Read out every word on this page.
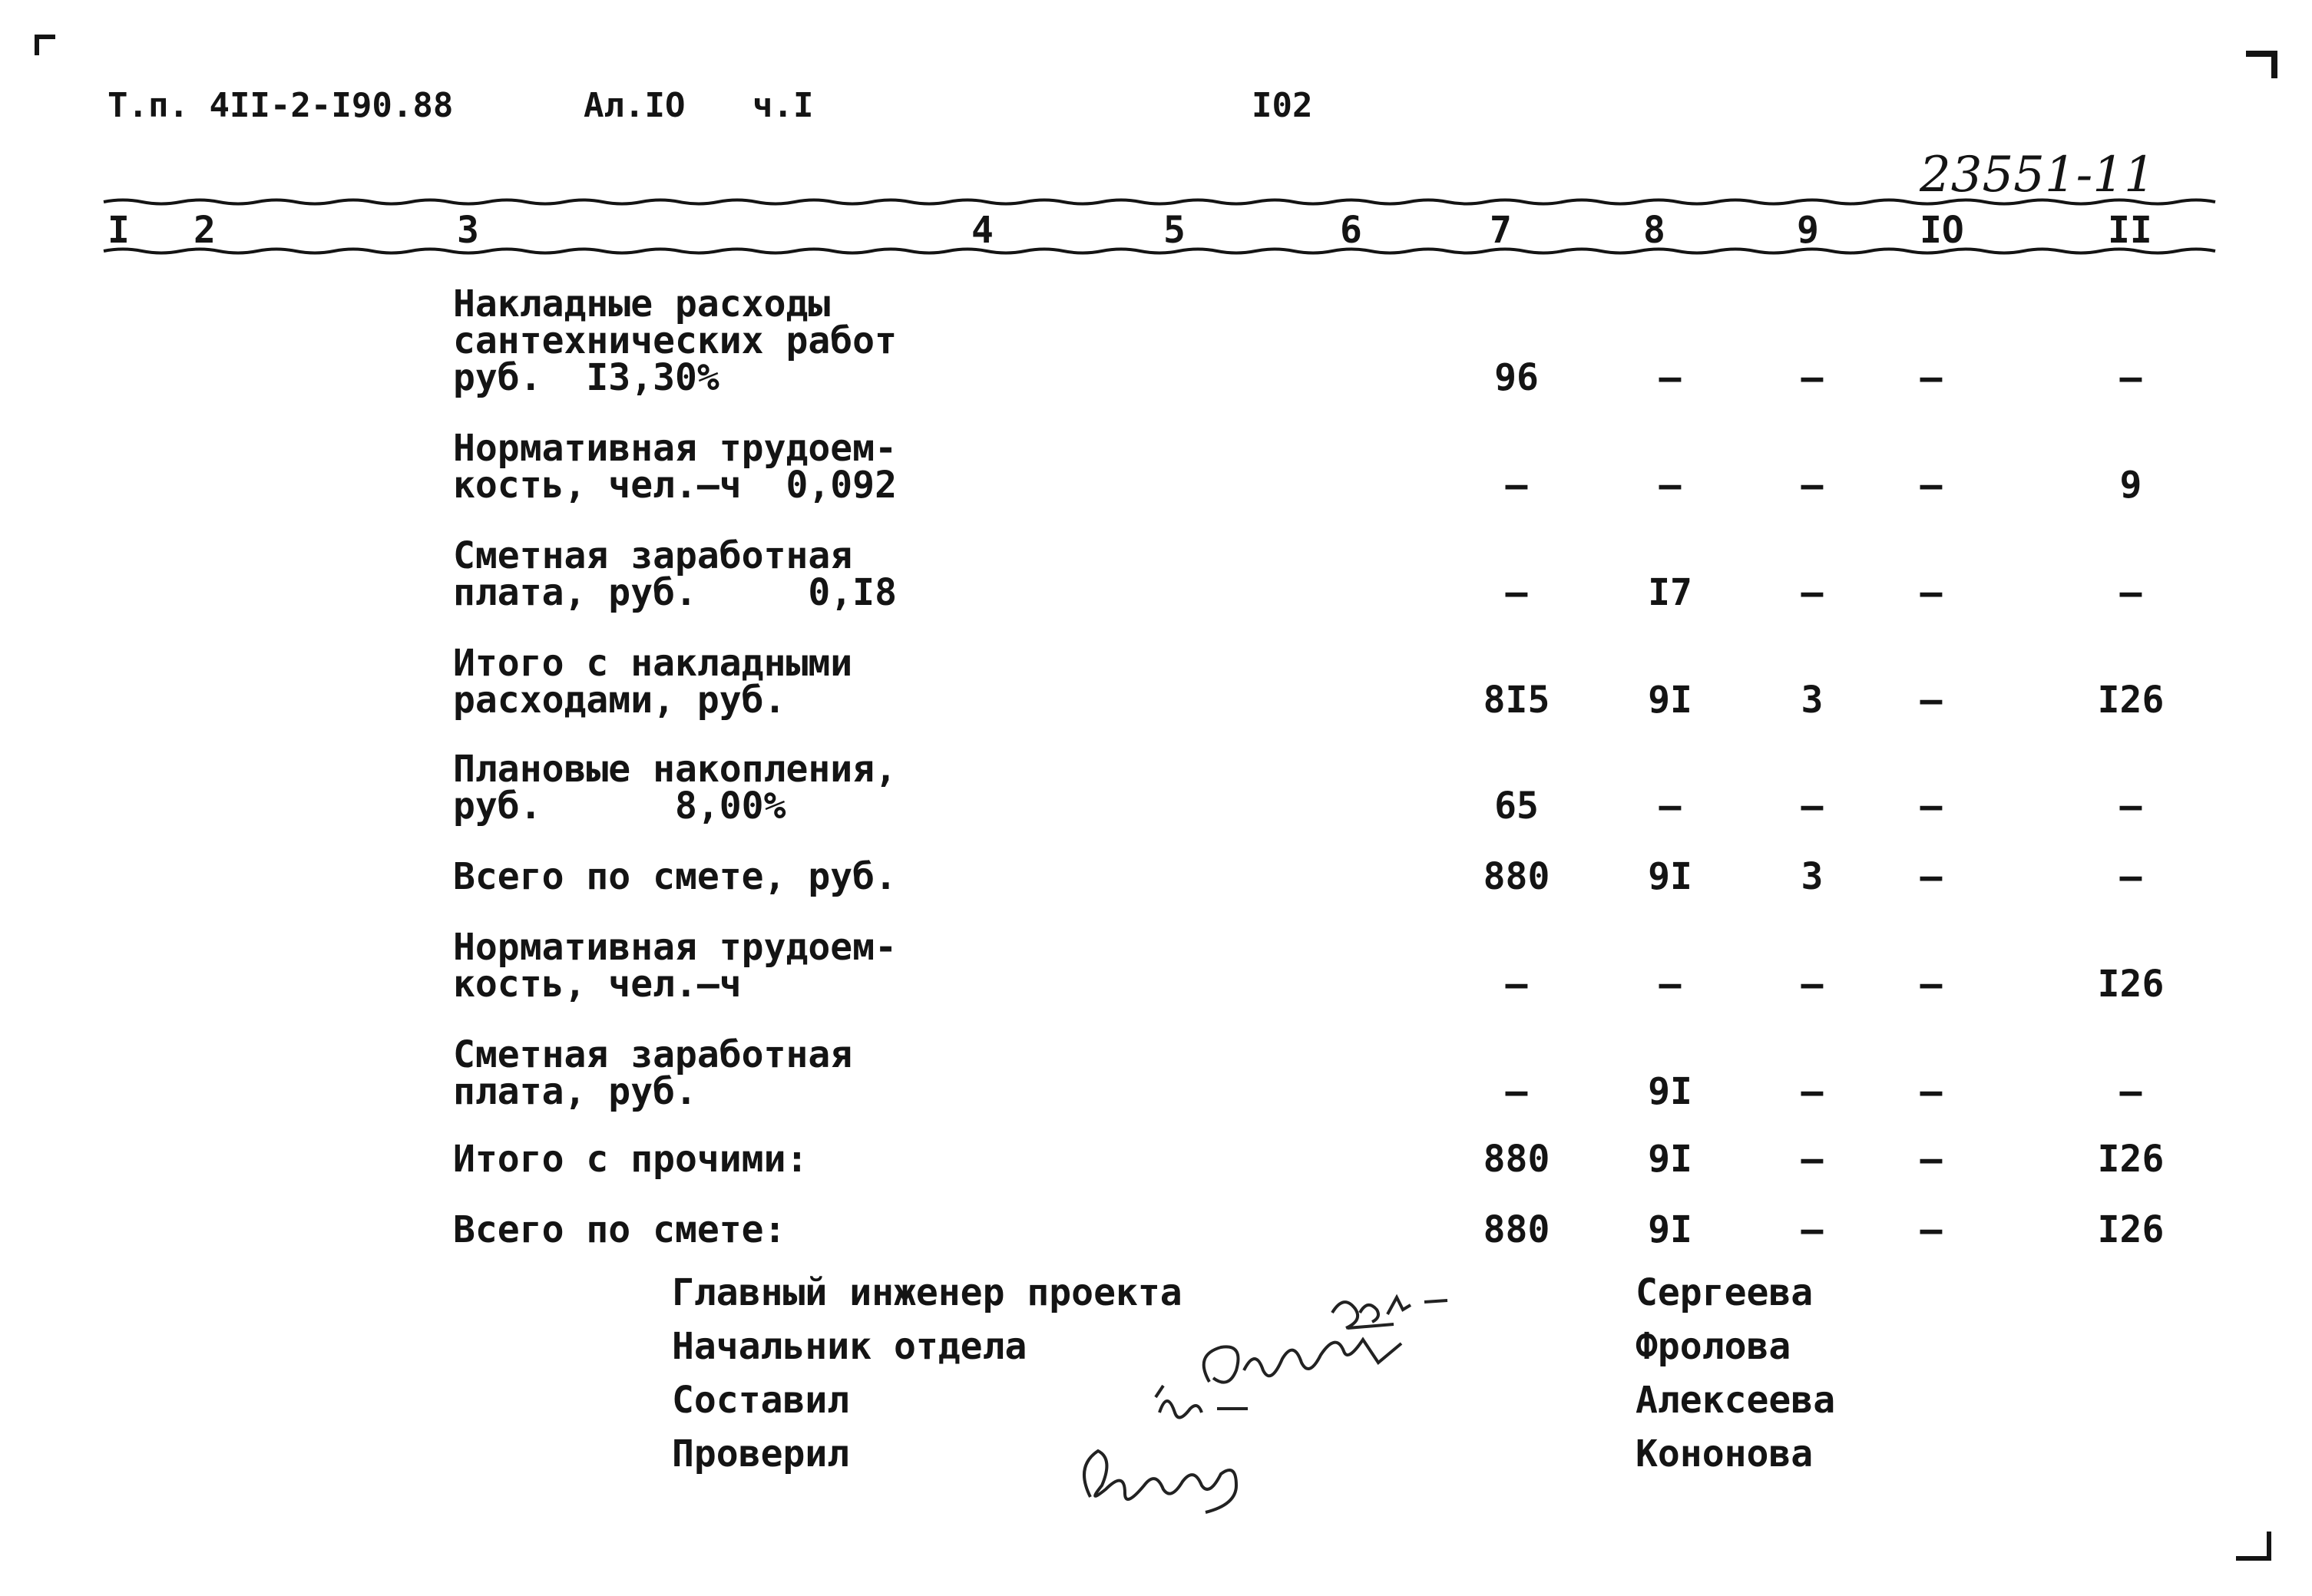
Т.п. 4II-2-I90.88	Ал.IO ч.I	I02
23551-11
I 2	3	4	5	6	7	8	9	IO	II
Накладные расходы
сантехнических работ
руб.  I3,30%	96	–	–	–	–
Нормативная трудоем-
кость, чел.–ч  0,092	–	–	–	–	9
Сметная заработная
плата, руб.     0,I8	–	I7	–	–	–
Итого с накладными
расходами, руб.	8I5	9I	3	–	I26
Плановые накопления,
руб.      8,00%	65	–	–	–	–
Всего по смете, руб.	880	9I	3	–	–
Нормативная трудоем-
кость, чел.–ч	–	–	–	–	I26
Сметная заработная
плата, руб.	–	9I	–	–	–
Итого с прочими:	880	9I	–	–	I26
Всего по смете:	880	9I	–	–	I26
Главный инженер проекта	Сергеева
Начальник отдела	Фролова
Составил	Алексеева
Проверил	Кононова
